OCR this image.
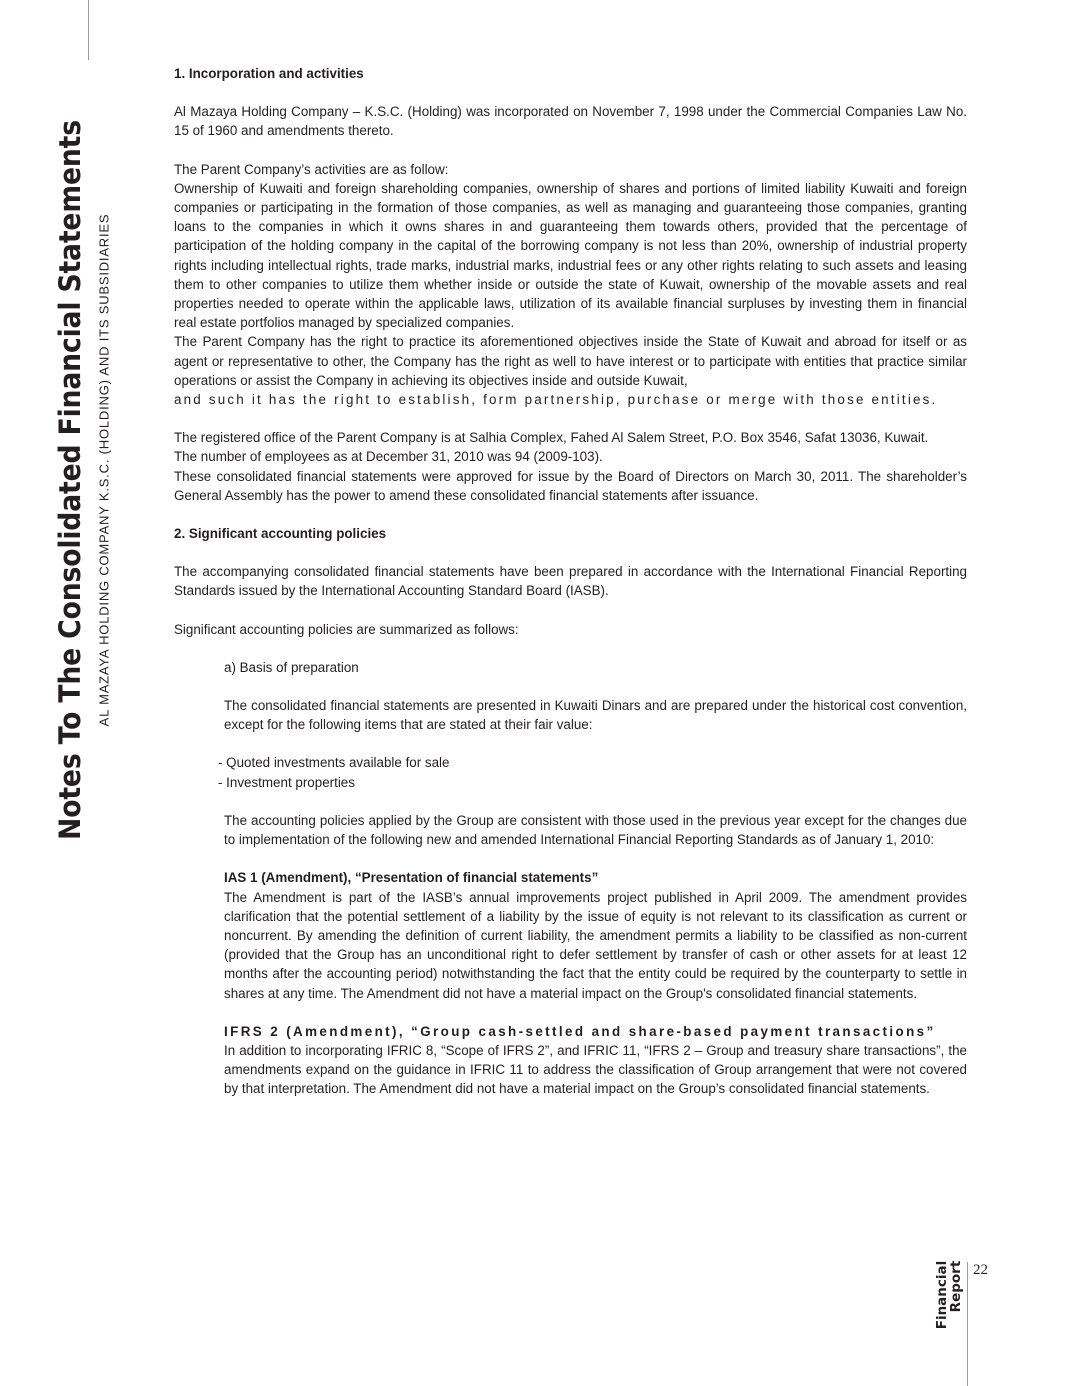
Notes To The Consolidated Financial Statements AL MAZAYA HOLDING COMPANY K.S.C. (HOLDING) AND ITS SUBSIDIARIES

1. Incorporation and activities

Al Mazaya Holding Company – K.S.C. (Holding) was incorporated on November 7, 1998 under the Commercial Companies Law No. 15 of 1960 and amendments thereto.

The Parent Company’s activities are as follow:

Ownership of Kuwaiti and foreign shareholding companies, ownership of shares and portions of limited liability Kuwaiti and foreign companies or participating in the formation of those companies, as well as managing and guaranteeing those companies, granting loans to the companies in which it owns shares in and guaranteeing them towards others, provided that the percentage of participation of the holding company in the capital of the borrowing company is not less than 20%, ownership of industrial property rights including intellectual rights, trade marks, industrial marks, industrial fees or any other rights relating to such assets and leasing them to other companies to utilize them whether inside or outside the state of Kuwait, ownership of the movable assets and real properties needed to operate within the applicable laws, utilization of its available financial surpluses by investing them in financial real estate portfolios managed by specialized companies.

The Parent Company has the right to practice its aforementioned objectives inside the State of Kuwait and abroad for itself or as agent or representative to other, the Company has the right as well to have interest or to participate with entities that practice similar operations or assist the Company in achieving its objectives inside and outside Kuwait,

and such it has the right to establish, form partnership, purchase or merge with those entities.

The registered office of the Parent Company is at Salhia Complex, Fahed Al Salem Street, P.O. Box 3546, Safat 13036, Kuwait.

The number of employees as at December 31, 2010 was 94 (2009-103).

These consolidated financial statements were approved for issue by the Board of Directors on March 30, 2011. The shareholder’s General Assembly has the power to amend these consolidated financial statements after issuance.

2. Significant accounting policies

The accompanying consolidated financial statements have been prepared in accordance with the International Financial Reporting Standards issued by the International Accounting Standard Board (IASB).

Significant accounting policies are summarized as follows:

a) Basis of preparation

The consolidated financial statements are presented in Kuwaiti Dinars and are prepared under the historical cost convention, except for the following items that are stated at their fair value:

- Quoted investments available for sale

- Investment properties

The accounting policies applied by the Group are consistent with those used in the previous year except for the changes due to implementation of the following new and amended International Financial Reporting Standards as of January 1, 2010:

IAS 1 (Amendment), “Presentation of financial statements”

The Amendment is part of the IASB’s annual improvements project published in April 2009. The amendment provides clarification that the potential settlement of a liability by the issue of equity is not relevant to its classification as current or noncurrent. By amending the definition of current liability, the amendment permits a liability to be classified as non-current (provided that the Group has an unconditional right to defer settlement by transfer of cash or other assets for at least 12 months after the accounting period) notwithstanding the fact that the entity could be required by the counterparty to settle in shares at any time. The Amendment did not have a material impact on the Group's consolidated financial statements.

IFRS 2 (Amendment), “Group cash-settled and share-based payment transactions”

In addition to incorporating IFRIC 8, “Scope of IFRS 2”, and IFRIC 11, “IFRS 2 – Group and treasury share transactions”, the amendments expand on the guidance in IFRIC 11 to address the classification of Group arrangement that were not covered by that interpretation. The Amendment did not have a material impact on the Group’s consolidated financial statements.

Financial
Report 22
